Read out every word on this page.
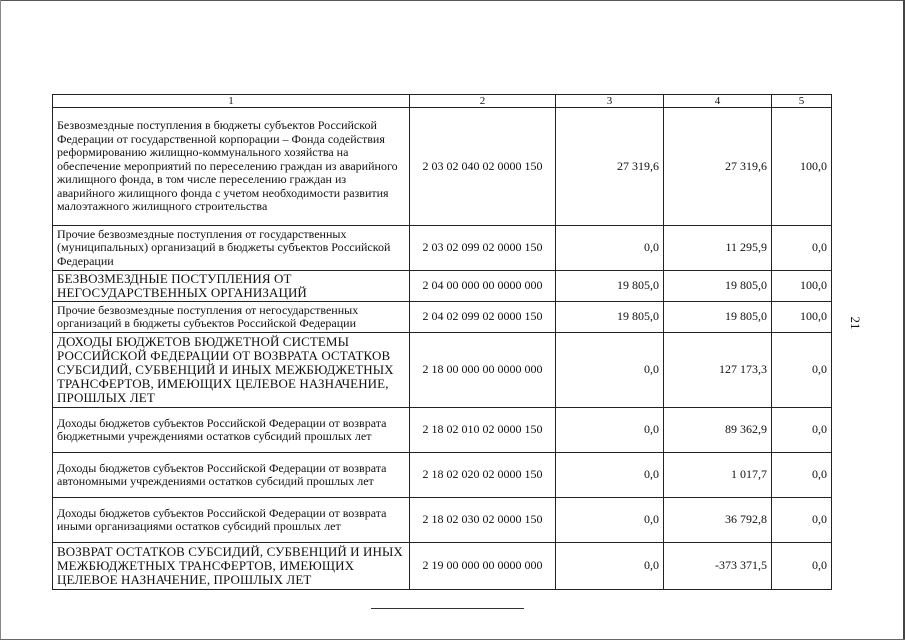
1	2	3	4	5
Безвозмездные поступления в бюджеты субъектов Российской Федерации от государственной корпорации – Фонда содействия реформированию жилищно-коммунального хозяйства на обеспечение мероприятий по переселению граждан из аварийного жилищного фонда, в том числе переселению граждан из аварийного жилищного фонда с учетом необходимости развития малоэтажного жилищного строительства	2 03 02 040 02 0000 150	27 319,6	27 319,6	100,0
Прочие безвозмездные поступления от государственных (муниципальных) организаций в бюджеты субъектов Российской Федерации	2 03 02 099 02 0000 150	0,0	11 295,9	0,0
БЕЗВОЗМЕЗДНЫЕ ПОСТУПЛЕНИЯ ОТ НЕГОСУДАРСТВЕННЫХ ОРГАНИЗАЦИЙ	2 04 00 000 00 0000 000	19 805,0	19 805,0	100,0
Прочие безвозмездные поступления от негосударственных организаций в бюджеты субъектов Российской Федерации	2 04 02 099 02 0000 150	19 805,0	19 805,0	100,0
ДОХОДЫ БЮДЖЕТОВ БЮДЖЕТНОЙ СИСТЕМЫ РОССИЙСКОЙ ФЕДЕРАЦИИ ОТ ВОЗВРАТА ОСТАТКОВ СУБСИДИЙ, СУБВЕНЦИЙ И ИНЫХ МЕЖБЮДЖЕТНЫХ ТРАНСФЕРТОВ, ИМЕЮЩИХ ЦЕЛЕВОЕ НАЗНАЧЕНИЕ, ПРОШЛЫХ ЛЕТ	2 18 00 000 00 0000 000	0,0	127 173,3	0,0
Доходы бюджетов субъектов Российской Федерации от возврата бюджетными учреждениями остатков субсидий прошлых лет	2 18 02 010 02 0000 150	0,0	89 362,9	0,0
Доходы бюджетов субъектов Российской Федерации от возврата автономными учреждениями остатков субсидий прошлых лет	2 18 02 020 02 0000 150	0,0	1 017,7	0,0
Доходы бюджетов субъектов Российской Федерации от возврата иными организациями остатков субсидий прошлых лет	2 18 02 030 02 0000 150	0,0	36 792,8	0,0
ВОЗВРАТ ОСТАТКОВ СУБСИДИЙ, СУБВЕНЦИЙ И ИНЫХ МЕЖБЮДЖЕТНЫХ ТРАНСФЕРТОВ, ИМЕЮЩИХ ЦЕЛЕВОЕ НАЗНАЧЕНИЕ, ПРОШЛЫХ ЛЕТ	2 19 00 000 00 0000 000	0,0	-373 371,5	0,0
21
